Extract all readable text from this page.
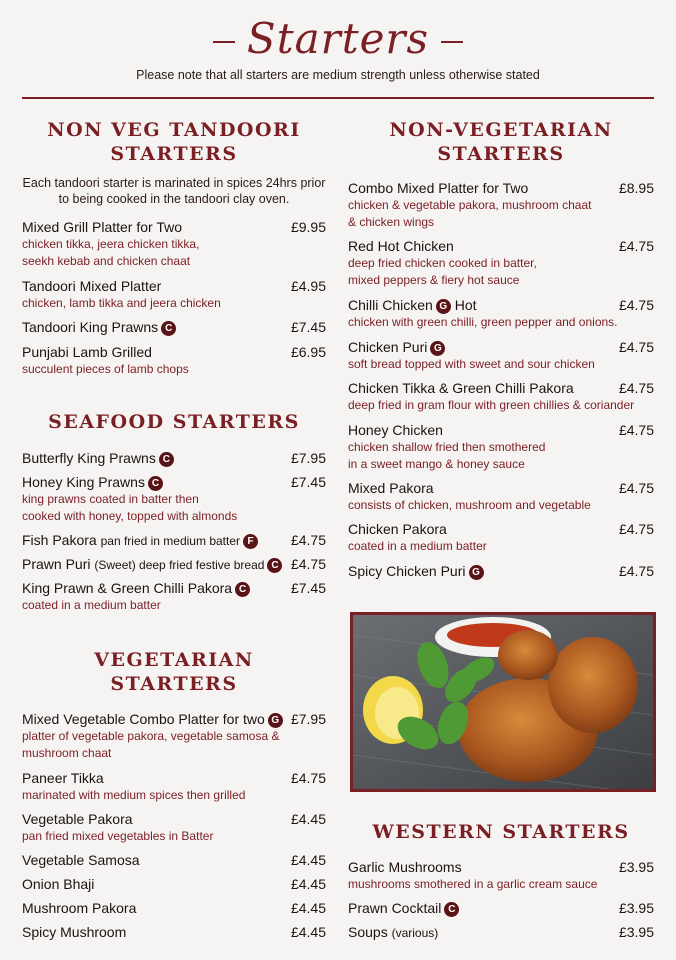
Starters
Please note that all starters are medium strength unless otherwise stated
NON VEG TANDOORI
STARTERS
Each tandoori starter is marinated in spices 24hrs prior
to being cooked in the tandoori clay oven.
Mixed Grill Platter for Two	£9.95
chicken tikka, jeera chicken tikka,
seekh kebab and chicken chaat
Tandoori Mixed Platter	£4.95
chicken, lamb tikka and jeera chicken
Tandoori King Prawns C	£7.45
Punjabi Lamb Grilled	£6.95
succulent pieces of lamb chops
SEAFOOD STARTERS
Butterfly King Prawns C	£7.95
Honey King Prawns C	£7.45
king prawns coated in batter then
cooked with honey, topped with almonds
Fish Pakora pan fried in medium batter F	£4.75
Prawn Puri (Sweet) deep fried festive bread C £4.75
King Prawn & Green Chilli Pakora C	£7.45
coated in a medium batter
VEGETARIAN
STARTERS
Mixed Vegetable Combo Platter for two G £7.95
platter of vegetable pakora, vegetable samosa &
mushroom chaat
Paneer Tikka	£4.75
marinated with medium spices then grilled
Vegetable Pakora	£4.45
pan fried mixed vegetables in Batter
Vegetable Samosa	£4.45
Onion Bhaji	£4.45
Mushroom Pakora	£4.45
Spicy Mushroom	£4.45
NON-VEGETARIAN
STARTERS
Combo Mixed Platter for Two	£8.95
chicken & vegetable pakora, mushroom chaat
& chicken wings
Red Hot Chicken	£4.75
deep fried chicken cooked in batter,
mixed peppers & fiery hot sauce
Chilli Chicken G Hot	£4.75
chicken with green chilli, green pepper and onions.
Chicken Puri G	£4.75
soft bread topped with sweet and sour chicken
Chicken Tikka & Green Chilli Pakora	£4.75
deep fried in gram flour with green chillies & coriander
Honey Chicken	£4.75
chicken shallow fried then smothered
in a sweet mango & honey sauce
Mixed Pakora	£4.75
consists of chicken, mushroom and vegetable
Chicken Pakora	£4.75
coated in a medium batter
Spicy Chicken Puri G	£4.75
WESTERN STARTERS
Garlic Mushrooms	£3.95
mushrooms smothered in a garlic cream sauce
Prawn Cocktail C	£3.95
Soups (various)	£3.95
